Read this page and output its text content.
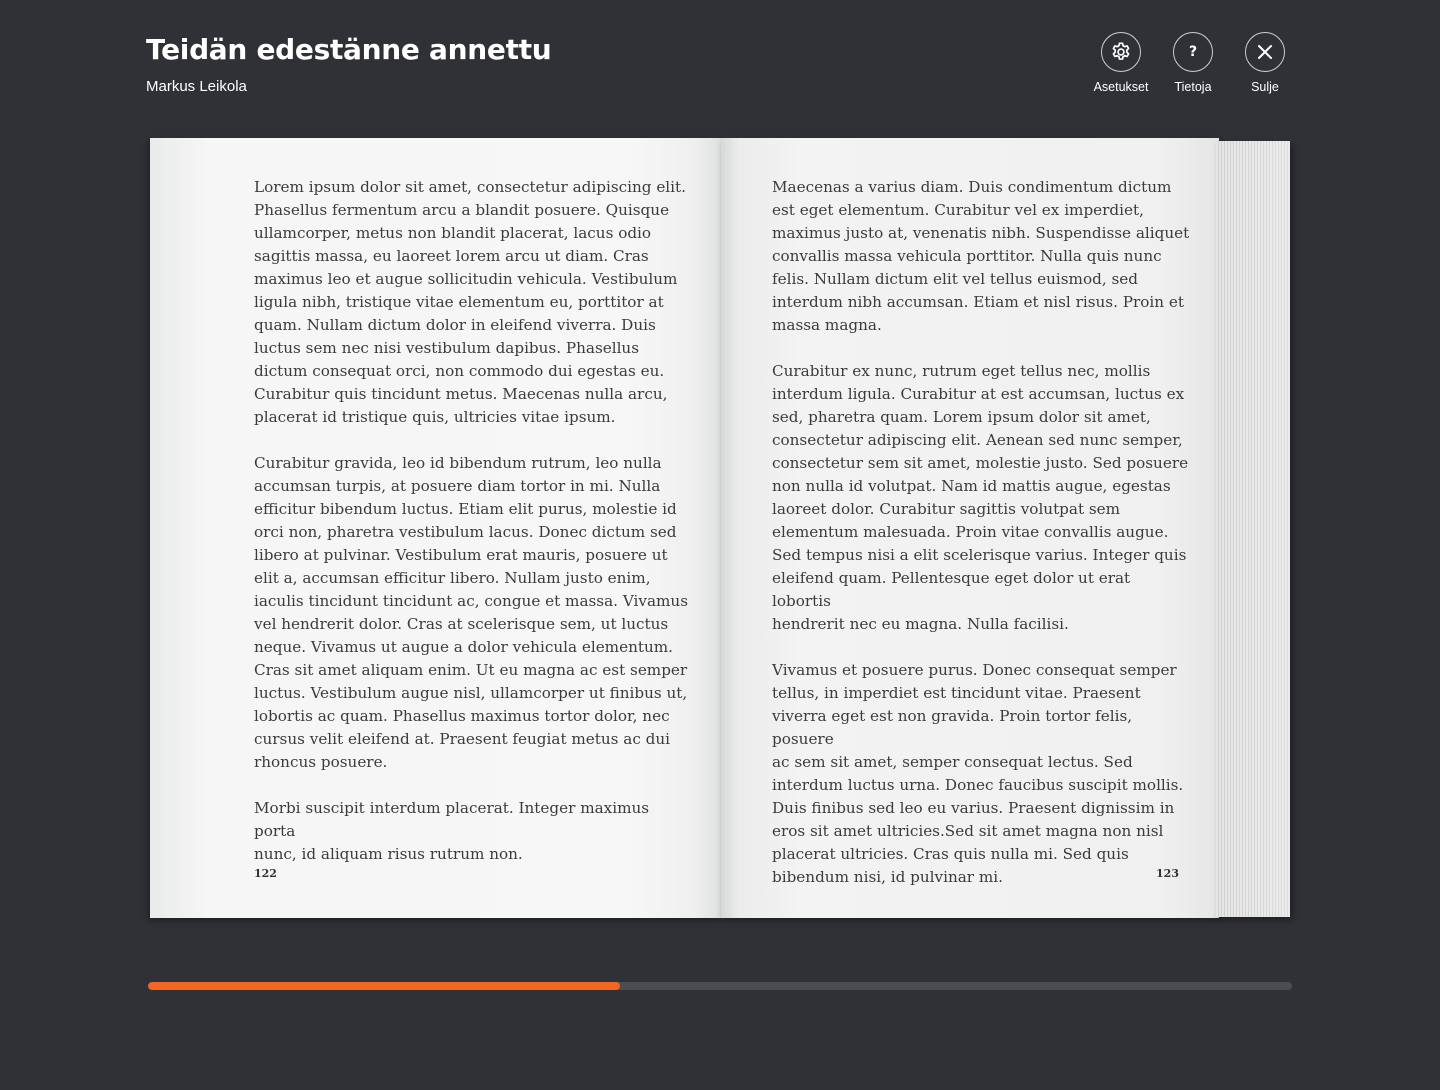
Teidän edestänne annettu
Markus Leikola	Asetukset
?
Tietoja	Sulje

Lorem ipsum dolor sit amet, consectetur adipiscing elit.
Phasellus fermentum arcu a blandit posuere. Quisque
ullamcorper, metus non blandit placerat, lacus odio
sagittis massa, eu laoreet lorem arcu ut diam. Cras
maximus leo et augue sollicitudin vehicula. Vestibulum
ligula nibh, tristique vitae elementum eu, porttitor at
quam. Nullam dictum dolor in eleifend viverra. Duis
luctus sem nec nisi vestibulum dapibus. Phasellus
dictum consequat orci, non commodo dui egestas eu.
Curabitur quis tincidunt metus. Maecenas nulla arcu,
placerat id tristique quis, ultricies vitae ipsum.

Curabitur gravida, leo id bibendum rutrum, leo nulla
accumsan turpis, at posuere diam tortor in mi. Nulla
efficitur bibendum luctus. Etiam elit purus, molestie id
orci non, pharetra vestibulum lacus. Donec dictum sed
libero at pulvinar. Vestibulum erat mauris, posuere ut
elit a, accumsan efficitur libero. Nullam justo enim,
iaculis tincidunt tincidunt ac, congue et massa. Vivamus
vel hendrerit dolor. Cras at scelerisque sem, ut luctus
neque. Vivamus ut augue a dolor vehicula elementum.
Cras sit amet aliquam enim. Ut eu magna ac est semper
luctus. Vestibulum augue nisl, ullamcorper ut finibus ut,
lobortis ac quam. Phasellus maximus tortor dolor, nec
cursus velit eleifend at. Praesent feugiat metus ac dui
rhoncus posuere.

Morbi suscipit interdum placerat. Integer maximus porta
nunc, id aliquam risus rutrum non.

122

Maecenas a varius diam. Duis condimentum dictum
est eget elementum. Curabitur vel ex imperdiet,
maximus justo at, venenatis nibh. Suspendisse aliquet
convallis massa vehicula porttitor. Nulla quis nunc
felis. Nullam dictum elit vel tellus euismod, sed
interdum nibh accumsan. Etiam et nisl risus. Proin et
massa magna.

Curabitur ex nunc, rutrum eget tellus nec, mollis
interdum ligula. Curabitur at est accumsan, luctus ex
sed, pharetra quam. Lorem ipsum dolor sit amet,
consectetur adipiscing elit. Aenean sed nunc semper,
consectetur sem sit amet, molestie justo. Sed posuere
non nulla id volutpat. Nam id mattis augue, egestas
laoreet dolor. Curabitur sagittis volutpat sem
elementum malesuada. Proin vitae convallis augue.
Sed tempus nisi a elit scelerisque varius. Integer quis
eleifend quam. Pellentesque eget dolor ut erat lobortis
hendrerit nec eu magna. Nulla facilisi.

Vivamus et posuere purus. Donec consequat semper
tellus, in imperdiet est tincidunt vitae. Praesent
viverra eget est non gravida. Proin tortor felis, posuere
ac sem sit amet, semper consequat lectus. Sed
interdum luctus urna. Donec faucibus suscipit mollis.
Duis finibus sed leo eu varius. Praesent dignissim in
eros sit amet ultricies.Sed sit amet magna non nisl
placerat ultricies. Cras quis nulla mi. Sed quis
bibendum nisi, id pulvinar mi.	123
